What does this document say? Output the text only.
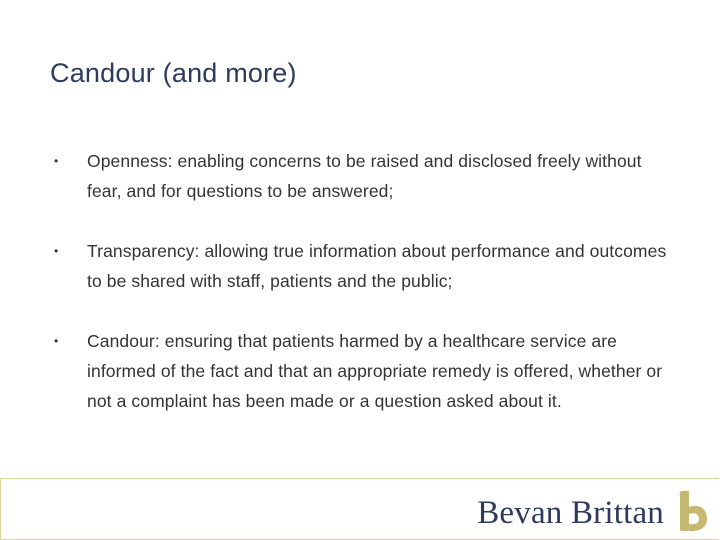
Candour (and more)
• Openness: enabling concerns to be raised and disclosed freely without fear, and for questions to be answered;
• Transparency: allowing true information about performance and outcomes to be shared with staff, patients and the public;
• Candour: ensuring that patients harmed by a healthcare service are informed of the fact and that an appropriate remedy is offered, whether or not a complaint has been made or a question asked about it.
Bevan Brittan
